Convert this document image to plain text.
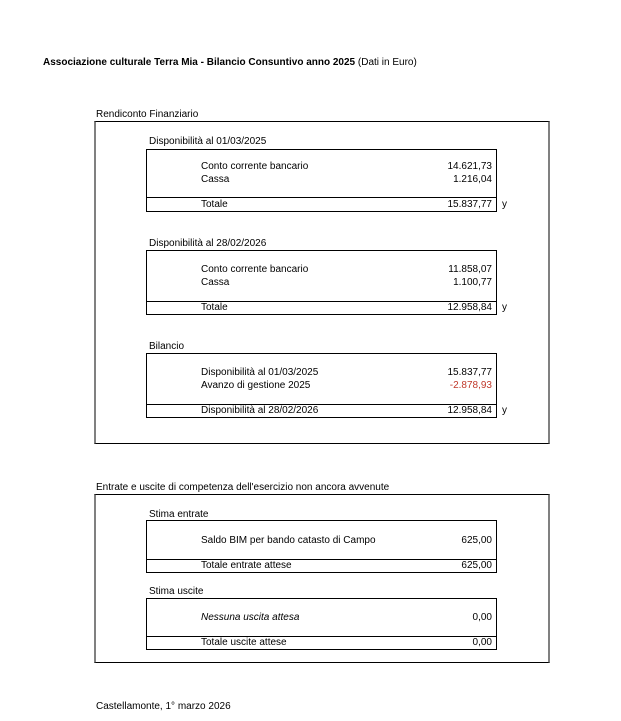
Associazione culturale Terra Mia - Bilancio Consuntivo anno 2025 (Dati in Euro)
Rendiconto Finanziario
Disponibilità al 01/03/2025
Conto corrente bancario	14.621,73
Cassa	1.216,04
Totale	15.837,77 y
Disponibilità al 28/02/2026
Conto corrente bancario	11.858,07
Cassa	1.100,77
Totale	12.958,84 y
Bilancio
Disponibilità al 01/03/2025	15.837,77
Avanzo di gestione 2025	-2.878,93
Disponibilità al 28/02/2026	12.958,84 y
Entrate e uscite di competenza dell'esercizio non ancora avvenute
Stima entrate
Saldo BIM per bando catasto di Campo	625,00
Totale entrate attese	625,00
Stima uscite
Nessuna uscita attesa	0,00
Totale uscite attese	0,00
Castellamonte, 1° marzo 2026
